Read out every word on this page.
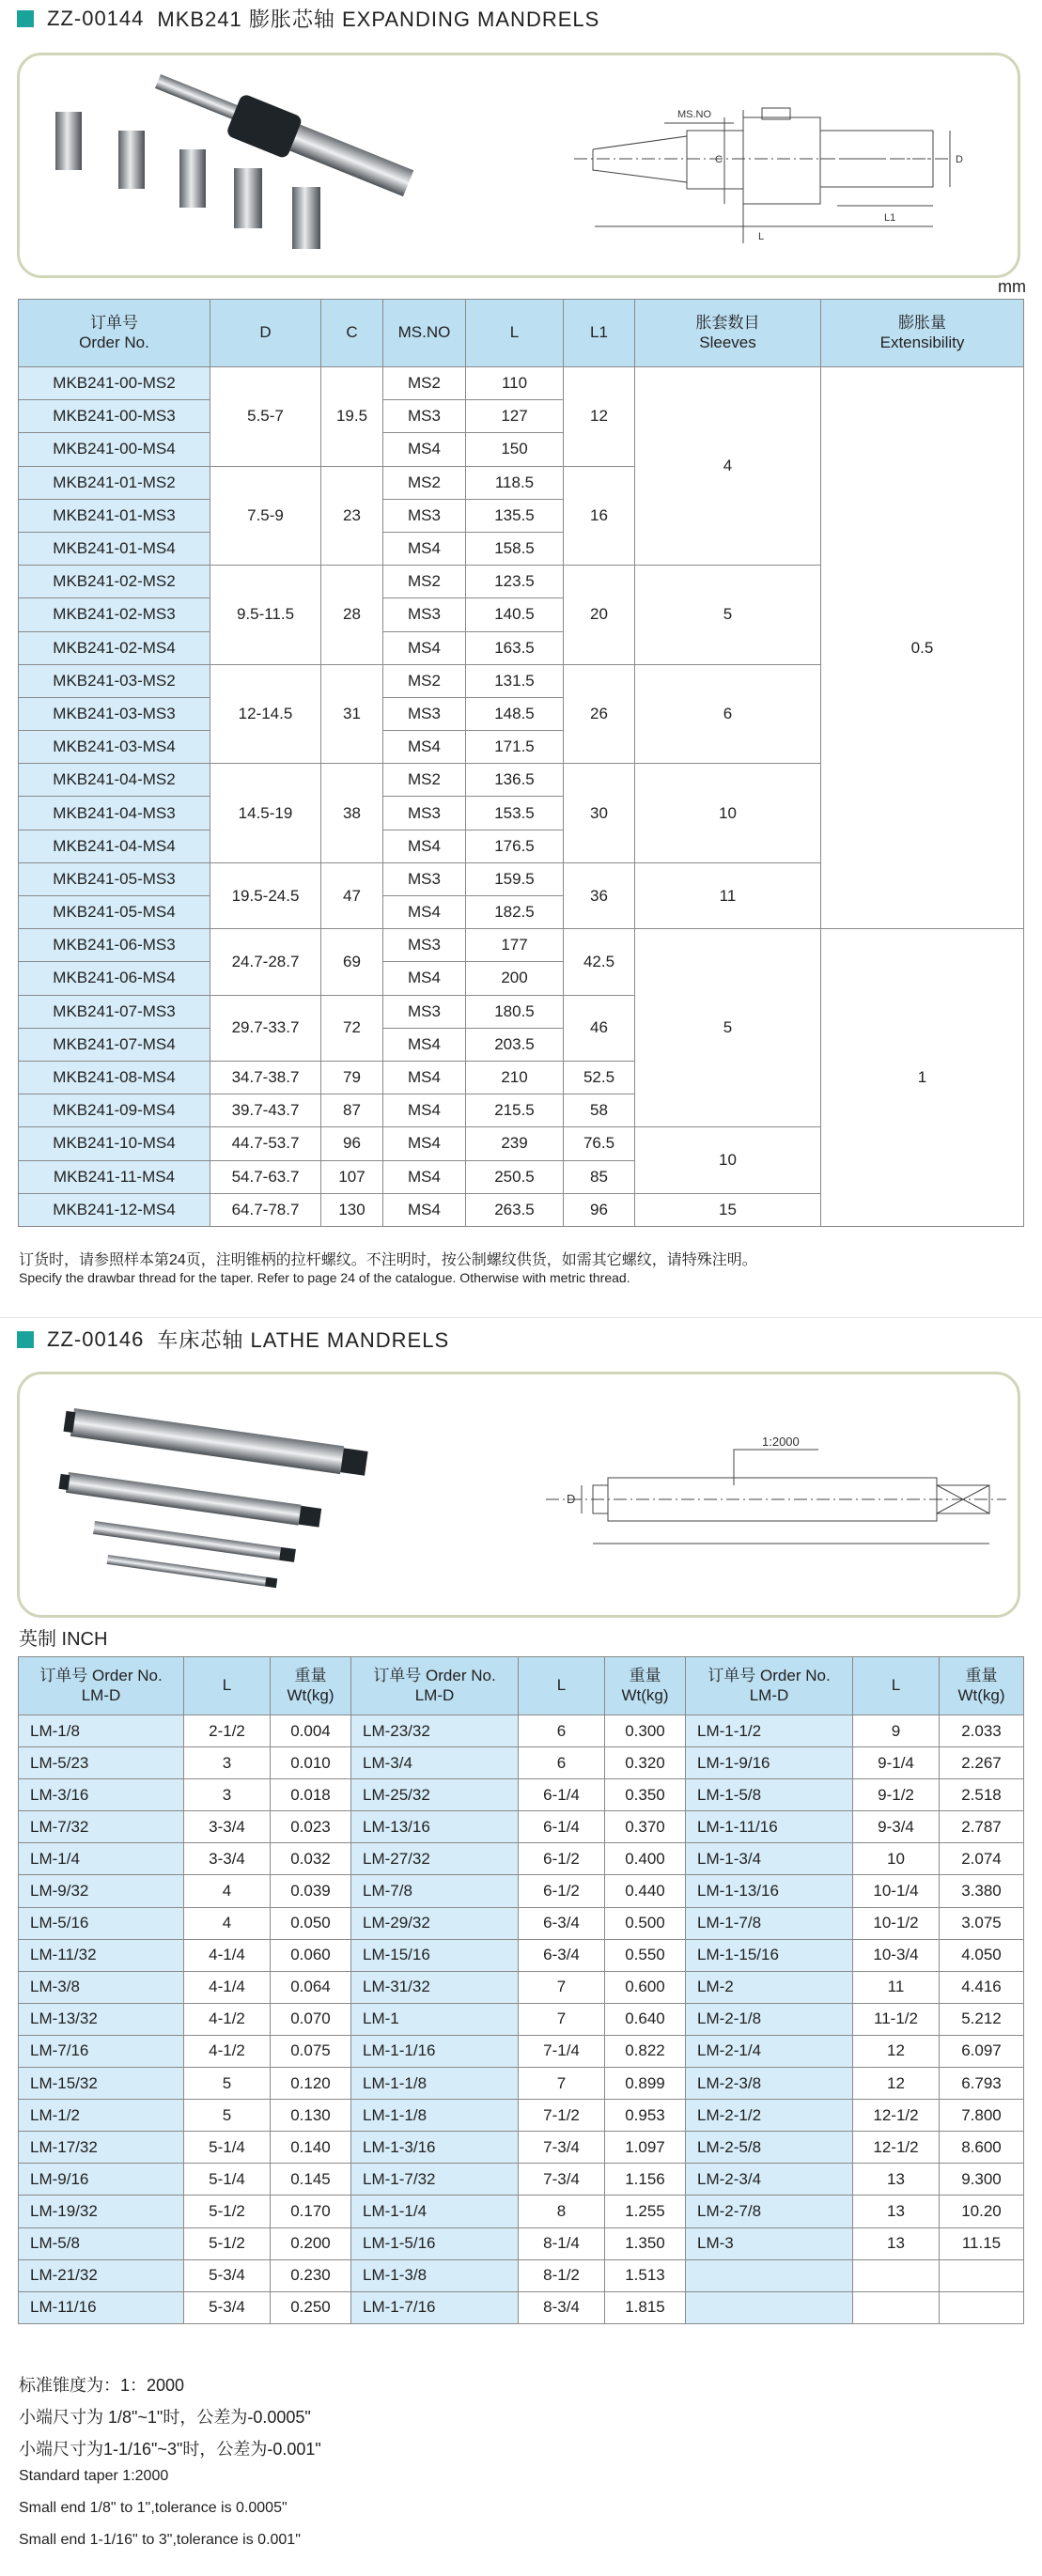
ZZ-00144 MKB241 膨胀芯轴 EXPANDING MANDRELS
MS.NO
C	D
L
L1
mm
订单号
Order No.	D	C	MS.NO	L	L1	胀套数目
Sleeves	膨胀量
Extensibility
MKB241-00-MS2	5.5-7	19.5	MS2	110	12	4	0.5
MKB241-00-MS3			MS3	127			
MKB241-00-MS4			MS4	150			
MKB241-01-MS2	7.5-9	23	MS2	118.5	16		
MKB241-01-MS3			MS3	135.5			
MKB241-01-MS4			MS4	158.5			
MKB241-02-MS2	9.5-11.5	28	MS2	123.5	20	5	
MKB241-02-MS3			MS3	140.5			
MKB241-02-MS4			MS4	163.5			
MKB241-03-MS2	12-14.5	31	MS2	131.5	26	6	
MKB241-03-MS3			MS3	148.5			
MKB241-03-MS4			MS4	171.5			
MKB241-04-MS2	14.5-19	38	MS2	136.5	30	10	
MKB241-04-MS3			MS3	153.5			
MKB241-04-MS4			MS4	176.5			
MKB241-05-MS3	19.5-24.5	47	MS3	159.5	36	11	
MKB241-05-MS4			MS4	182.5			
MKB241-06-MS3	24.7-28.7	69	MS3	177	42.5	5	1
MKB241-06-MS4			MS4	200			
MKB241-07-MS3	29.7-33.7	72	MS3	180.5	46		
MKB241-07-MS4			MS4	203.5			
MKB241-08-MS4	34.7-38.7	79	MS4	210	52.5		
MKB241-09-MS4	39.7-43.7	87	MS4	215.5	58		
MKB241-10-MS4	44.7-53.7	96	MS4	239	76.5	10	
MKB241-11-MS4	54.7-63.7	107	MS4	250.5	85		
MKB241-12-MS4	64.7-78.7	130	MS4	263.5	96	15	
订货时，请参照样本第24页，注明锥柄的拉杆螺纹。不注明时，按公制螺纹供货，如需其它螺纹，请特殊注明。
Specify the drawbar thread for the taper. Refer to page 24 of the catalogue. Otherwise with metric thread.
ZZ-00146 车床芯轴 LATHE MANDRELS
1:2000
D
英制 INCH
订单号 Order No.
LM-D	L	重量
Wt(kg)	订单号 Order No.
LM-D	L	重量
Wt(kg)	订单号 Order No.
LM-D	L	重量
Wt(kg)
LM-1/8	2-1/2	0.004	LM-23/32	6	0.300	LM-1-1/2	9	2.033
LM-5/23	3	0.010	LM-3/4	6	0.320	LM-1-9/16	9-1/4	2.267
LM-3/16	3	0.018	LM-25/32	6-1/4	0.350	LM-1-5/8	9-1/2	2.518
LM-7/32	3-3/4	0.023	LM-13/16	6-1/4	0.370	LM-1-11/16	9-3/4	2.787
LM-1/4	3-3/4	0.032	LM-27/32	6-1/2	0.400	LM-1-3/4	10	2.074
LM-9/32	4	0.039	LM-7/8	6-1/2	0.440	LM-1-13/16	10-1/4	3.380
LM-5/16	4	0.050	LM-29/32	6-3/4	0.500	LM-1-7/8	10-1/2	3.075
LM-11/32	4-1/4	0.060	LM-15/16	6-3/4	0.550	LM-1-15/16	10-3/4	4.050
LM-3/8	4-1/4	0.064	LM-31/32	7	0.600	LM-2	11	4.416
LM-13/32	4-1/2	0.070	LM-1	7	0.640	LM-2-1/8	11-1/2	5.212
LM-7/16	4-1/2	0.075	LM-1-1/16	7-1/4	0.822	LM-2-1/4	12	6.097
LM-15/32	5	0.120	LM-1-1/8	7	0.899	LM-2-3/8	12	6.793
LM-1/2	5	0.130	LM-1-1/8	7-1/2	0.953	LM-2-1/2	12-1/2	7.800
LM-17/32	5-1/4	0.140	LM-1-3/16	7-3/4	1.097	LM-2-5/8	12-1/2	8.600
LM-9/16	5-1/4	0.145	LM-1-7/32	7-3/4	1.156	LM-2-3/4	13	9.300
LM-19/32	5-1/2	0.170	LM-1-1/4	8	1.255	LM-2-7/8	13	10.20
LM-5/8	5-1/2	0.200	LM-1-5/16	8-1/4	1.350	LM-3	13	11.15
LM-21/32	5-3/4	0.230	LM-1-3/8	8-1/2	1.513			
LM-11/16	5-3/4	0.250	LM-1-7/16	8-3/4	1.815			
标准锥度为：1：2000
小端尺寸为 1/8"~1"时，公差为-0.0005"
小端尺寸为1-1/16"~3"时，公差为-0.001"
Standard taper 1:2000
Small end 1/8" to 1",tolerance is 0.0005"
Small end 1-1/16" to 3",tolerance is 0.001"
